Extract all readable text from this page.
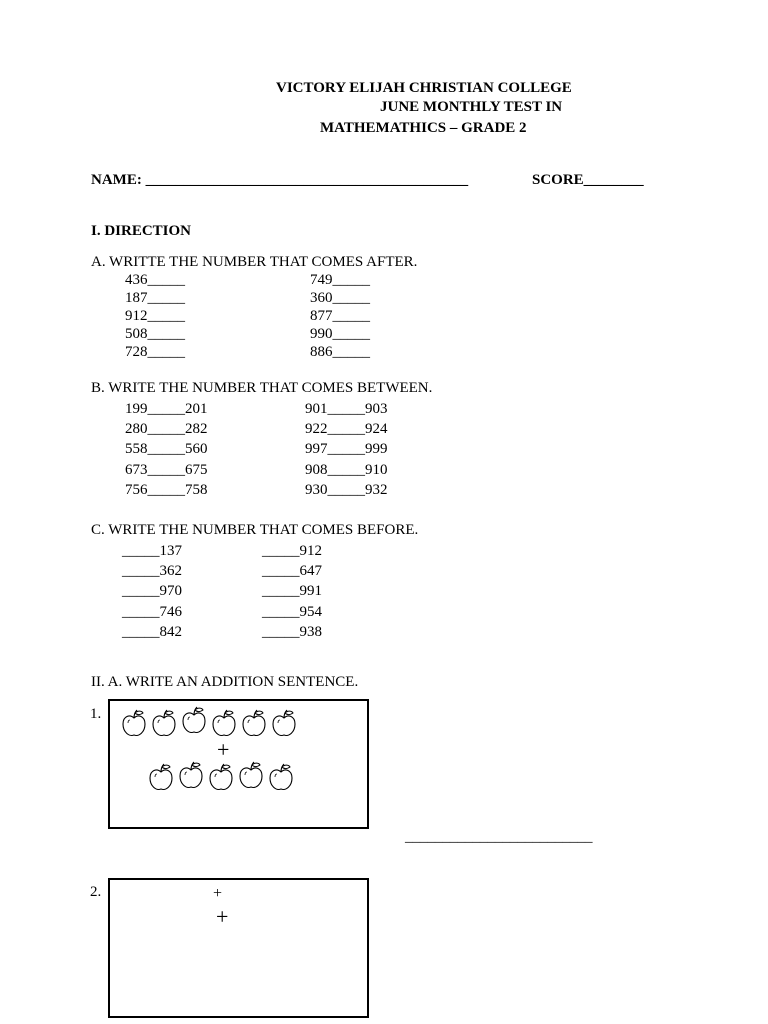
VICTORY ELIJAH CHRISTIAN COLLEGE
JUNE MONTHLY TEST IN
MATHEMATHICS – GRADE 2
NAME: ___________________________________________	SCORE________
I. DIRECTION
A. WRITTE THE NUMBER THAT COMES AFTER.
436_____
187_____
912_____
508_____
728_____
749_____
360_____
877_____
990_____
886_____
B. WRITE THE NUMBER THAT COMES BETWEEN.
199_____201
280_____282
558_____560
673_____675
756_____758
901_____903
922_____924
997_____999
908_____910
930_____932
C. WRITE THE NUMBER THAT COMES BEFORE.
_____137
_____362
_____970
_____746
_____842
_____912
_____647
_____991
_____954
_____938
II. A. WRITE AN ADDITION SENTENCE.
1.
+
_________________________
2.	+
+
